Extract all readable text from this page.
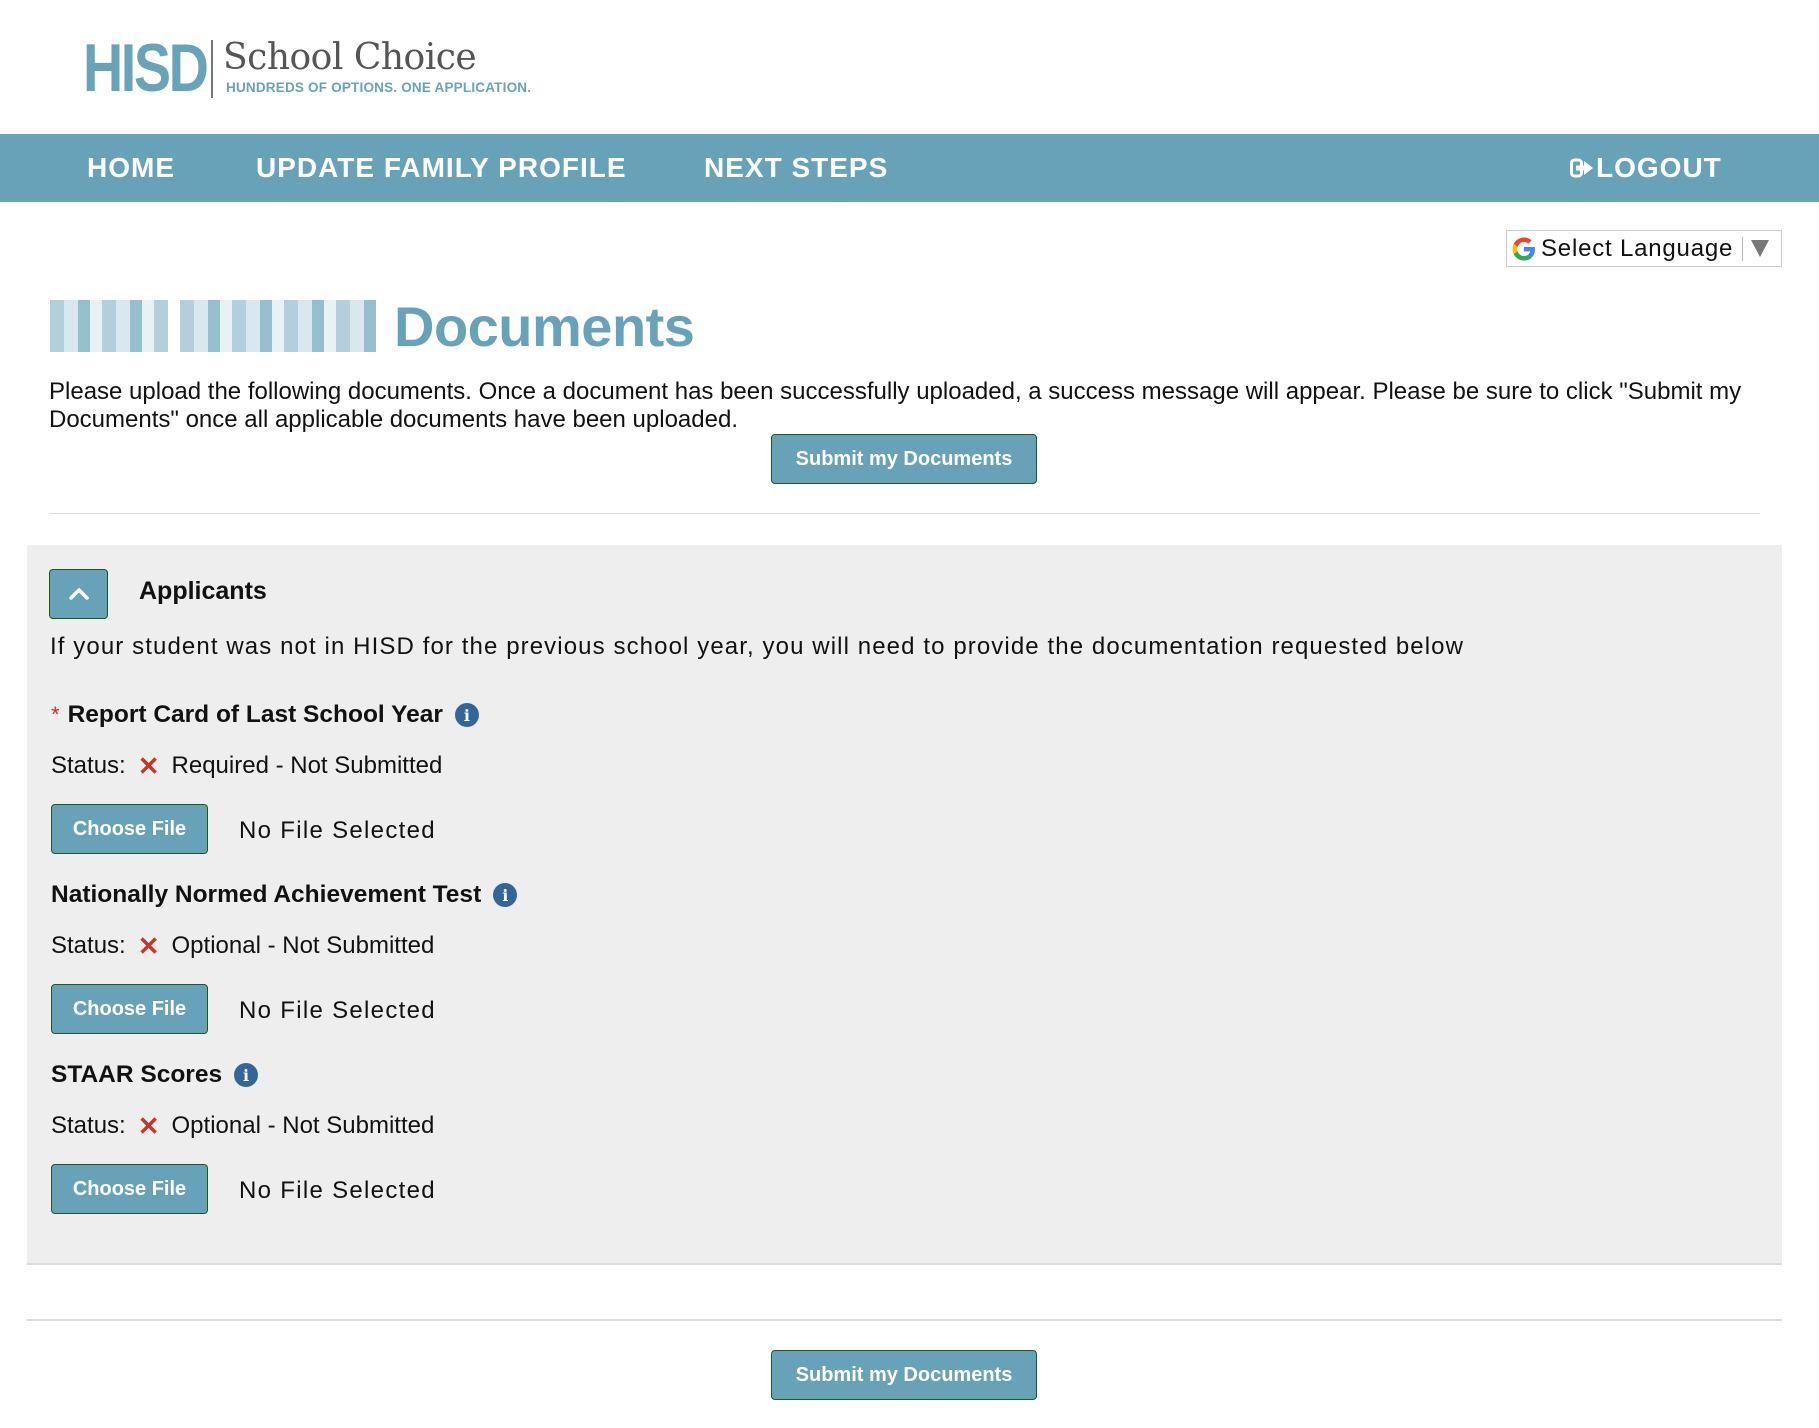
HISD School Choice
HUNDREDS OF OPTIONS. ONE APPLICATION.
HOME	UPDATE FAMILY PROFILE	NEXT STEPS	LOGOUT
Select Language
Documents

Please upload the following documents. Once a document has been successfully uploaded, a success message will appear. Please be sure to click "Submit my Documents" once all applicable documents have been uploaded.

Submit my Documents
Applicants
If your student was not in HISD for the previous school year, you will need to provide the documentation requested below
* Report Card of Last School Year	i
Status: ✕ Required - Not Submitted
Choose File	No File Selected
Nationally Normed Achievement Test	i
Status: ✕ Optional - Not Submitted
Choose File	No File Selected
STAAR Scores	i
Status: ✕ Optional - Not Submitted
Choose File	No File Selected
Submit my Documents
